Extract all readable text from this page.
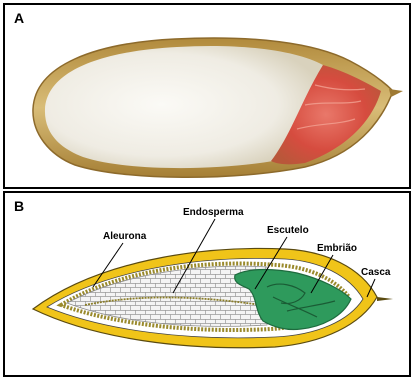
A
B
Aleurona
Endosperma
Escutelo
Embrião
Casca
